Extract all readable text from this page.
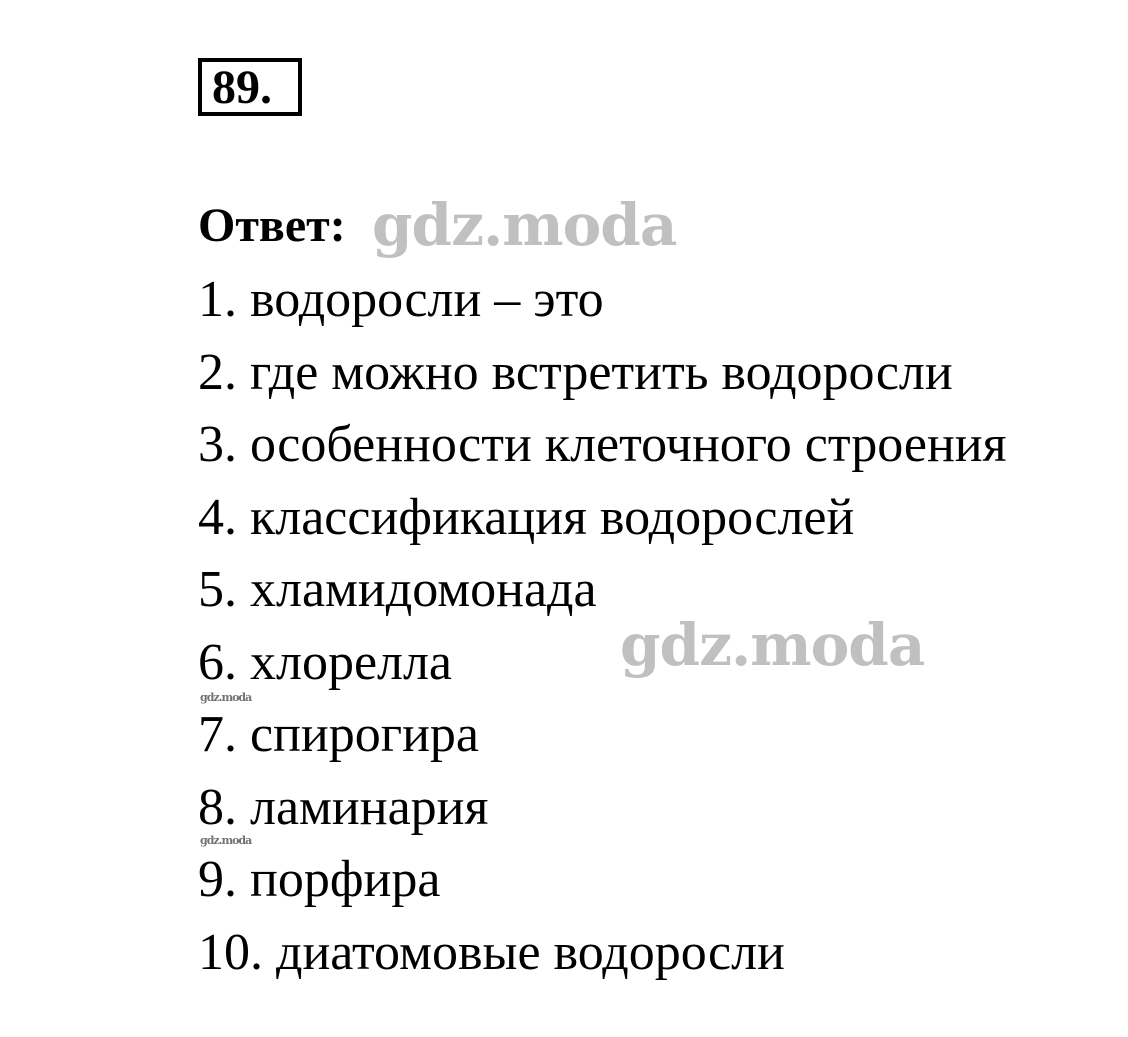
89.
Ответ:
1. водоросли – это
2. где можно встретить водоросли
3. особенности клеточного строения
4. классификация водорослей
5. хламидомонада
6. хлорелла
7. спирогира
8. ламинария
9. порфира
10. диатомовые водоросли
gdz.moda
gdz.moda
gdz.moda
gdz.moda
